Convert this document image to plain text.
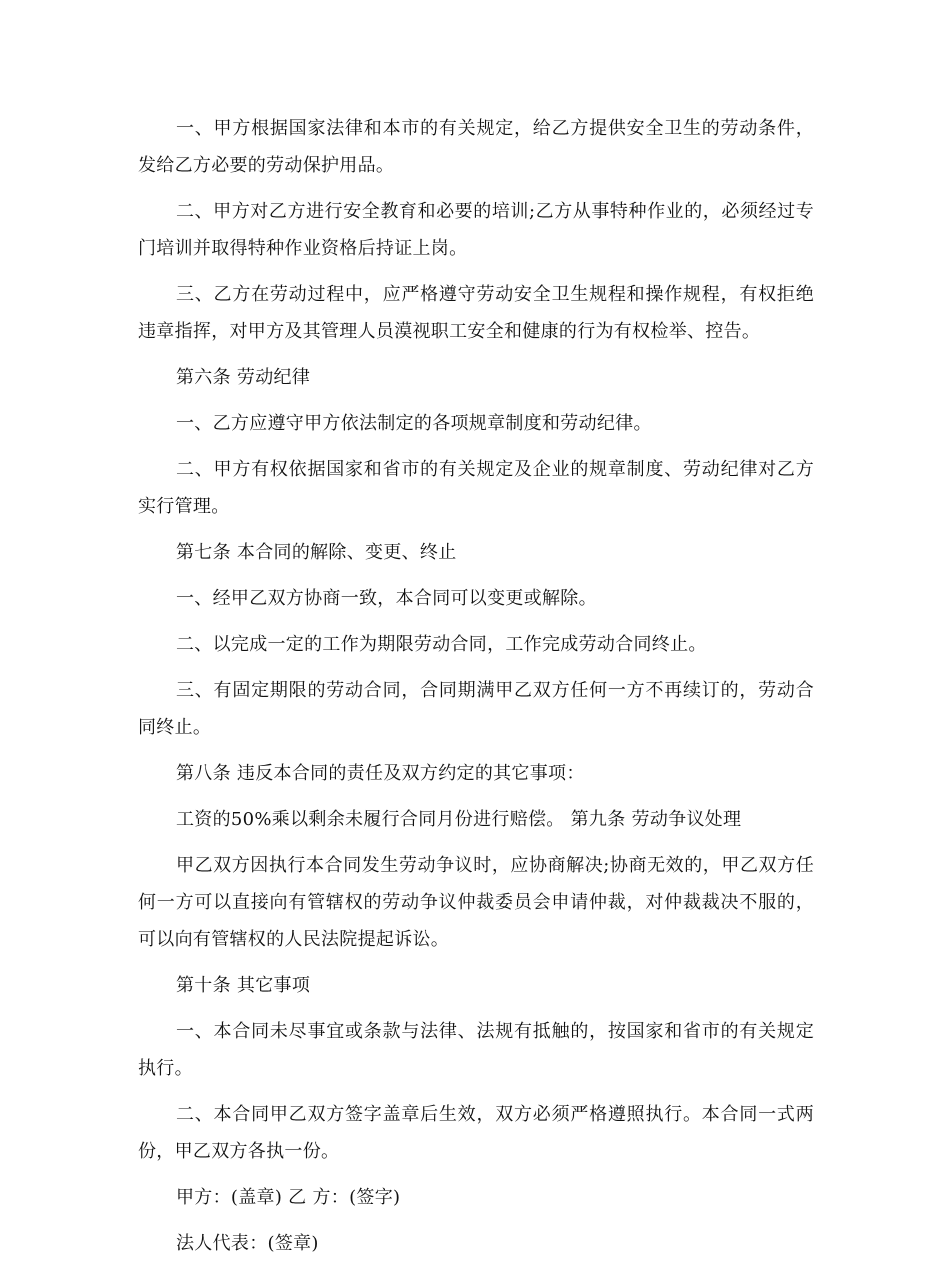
一、甲方根据国家法律和本市的有关规定，给乙方提供安全卫生的劳动条件，发给乙方必要的劳动保护用品。

二、甲方对乙方进行安全教育和必要的培训;乙方从事特种作业的，必须经过专门培训并取得特种作业资格后持证上岗。

三、乙方在劳动过程中，应严格遵守劳动安全卫生规程和操作规程，有权拒绝违章指挥，对甲方及其管理人员漠视职工安全和健康的行为有权检举、控告。

第六条 劳动纪律

一、乙方应遵守甲方依法制定的各项规章制度和劳动纪律。

二、甲方有权依据国家和省市的有关规定及企业的规章制度、劳动纪律对乙方实行管理。

第七条 本合同的解除、变更、终止

一、经甲乙双方协商一致，本合同可以变更或解除。

二、以完成一定的工作为期限劳动合同，工作完成劳动合同终止。

三、有固定期限的劳动合同，合同期满甲乙双方任何一方不再续订的，劳动合同终止。

第八条 违反本合同的责任及双方约定的其它事项：

工资的50%乘以剩余未履行合同月份进行赔偿。 第九条 劳动争议处理

甲乙双方因执行本合同发生劳动争议时，应协商解决;协商无效的，甲乙双方任何一方可以直接向有管辖权的劳动争议仲裁委员会申请仲裁，对仲裁裁决不服的，可以向有管辖权的人民法院提起诉讼。

第十条 其它事项

一、本合同未尽事宜或条款与法律、法规有抵触的，按国家和省市的有关规定执行。

二、本合同甲乙双方签字盖章后生效，双方必须严格遵照执行。本合同一式两份，甲乙双方各执一份。

甲方：(盖章) 乙 方：(签字)

法人代表：(签章)
